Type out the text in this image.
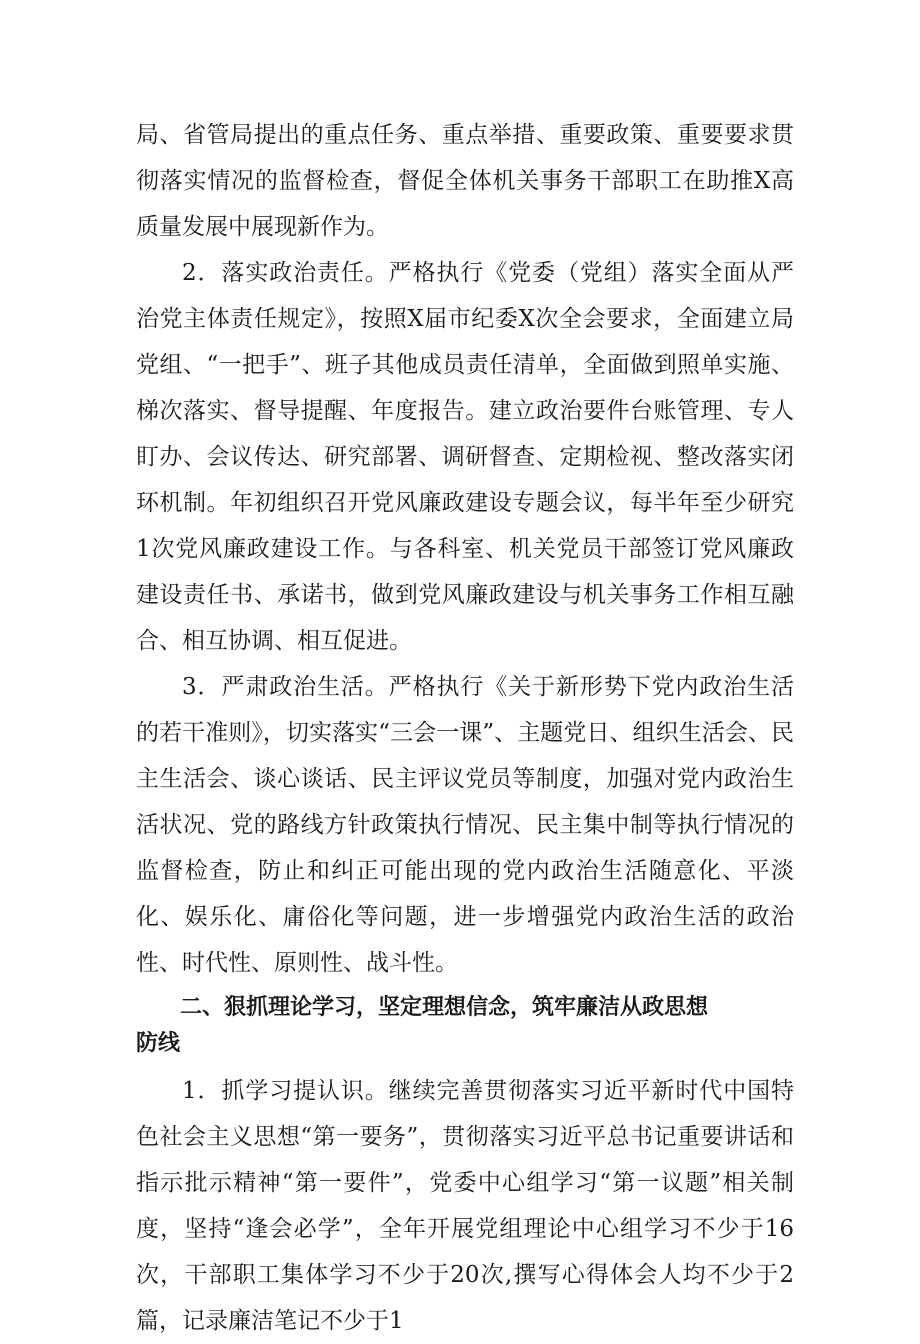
局、省管局提出的重点任务、重点举措、重要政策、重要要求贯彻落实情况的监督检查，督促全体机关事务干部职工在助推X高质量发展中展现新作为。

2．落实政治责任。严格执行《党委（党组）落实全面从严治党主体责任规定》，按照X届市纪委X次全会要求，全面建立局党组、“一把手”、班子其他成员责任清单，全面做到照单实施、梯次落实、督导提醒、年度报告。建立政治要件台账管理、专人盯办、会议传达、研究部署、调研督查、定期检视、整改落实闭环机制。年初组织召开党风廉政建设专题会议，每半年至少研究1次党风廉政建设工作。与各科室、机关党员干部签订党风廉政建设责任书、承诺书，做到党风廉政建设与机关事务工作相互融合、相互协调、相互促进。

3．严肃政治生活。严格执行《关于新形势下党内政治生活的若干准则》，切实落实“三会一课”、主题党日、组织生活会、民主生活会、谈心谈话、民主评议党员等制度，加强对党内政治生活状况、党的路线方针政策执行情况、民主集中制等执行情况的监督检查，防止和纠正可能出现的党内政治生活随意化、平淡化、娱乐化、庸俗化等问题，进一步增强党内政治生活的政治性、时代性、原则性、战斗性。

二、狠抓理论学习，坚定理想信念，筑牢廉洁从政思想
防线

1．抓学习提认识。继续完善贯彻落实习近平新时代中国特色社会主义思想“第一要务”，贯彻落实习近平总书记重要讲话和指示批示精神“第一要件”，党委中心组学习“第一议题”相关制度，坚持“逢会必学”，全年开展党组理论中心组学习不少于16次，干部职工集体学习不少于20次,撰写心得体会人均不少于2篇，记录廉洁笔记不少于1
